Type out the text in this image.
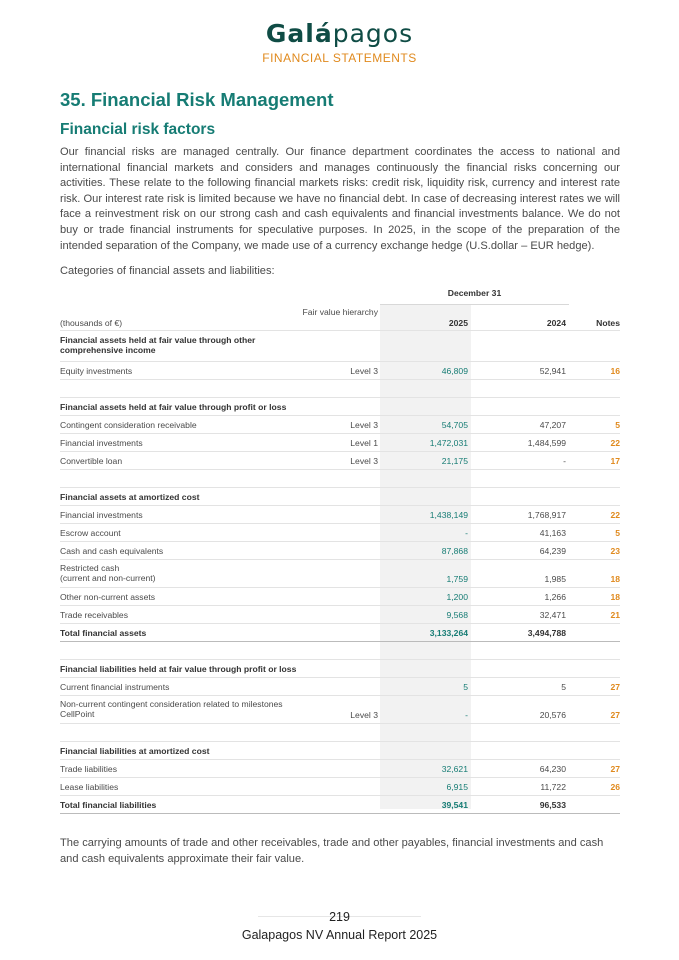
Galápagos
FINANCIAL STATEMENTS
35. Financial Risk Management
Financial risk factors

Our financial risks are managed centrally. Our finance department coordinates the access to national and international financial markets and considers and manages continuously the financial risks concerning our activities. These relate to the following financial markets risks: credit risk, liquidity risk, currency and interest rate risk. Our interest rate risk is limited because we have no financial debt. In case of decreasing interest rates we will face a reinvestment risk on our strong cash and cash equivalents and financial investments balance. We do not buy or trade financial instruments for speculative purposes. In 2025, in the scope of the preparation of the intended separation of the Company, we made use of a currency exchange hedge (U.S.dollar – EUR hedge).

Categories of financial assets and liabilities:

December 31
(thousands of €)
Fair value hierarchy
2025	2024	Notes
Financial assets held at fair value through other comprehensive income
Equity investments	Level 3	46,809	52,941	16
Financial assets held at fair value through profit or loss
Contingent consideration receivable	Level 3	54,705	47,207	5
Financial investments	Level 1	1,472,031	1,484,599	22
Convertible loan	Level 3	21,175	-	17
Financial assets at amortized cost
Financial investments	1,438,149	1,768,917	22
Escrow account	-	41,163	5
Cash and cash equivalents	87,868	64,239	23
Restricted cash
(current and non-current)	1,759	1,985	18
Other non-current assets	1,200	1,266	18
Trade receivables	9,568	32,471	21
Total financial assets	3,133,264	3,494,788
Financial liabilities held at fair value through profit or loss
Current financial instruments	5	5	27
Non-current contingent consideration related to milestones
CellPoint	Level 3	-	20,576	27
Financial liabilities at amortized cost
Trade liabilities	32,621	64,230	27
Lease liabilities	6,915	11,722	26
Total financial liabilities	39,541	96,533

The carrying amounts of trade and other receivables, trade and other payables, financial investments and cash and cash equivalents approximate their fair value.

219
Galapagos NV Annual Report 2025
